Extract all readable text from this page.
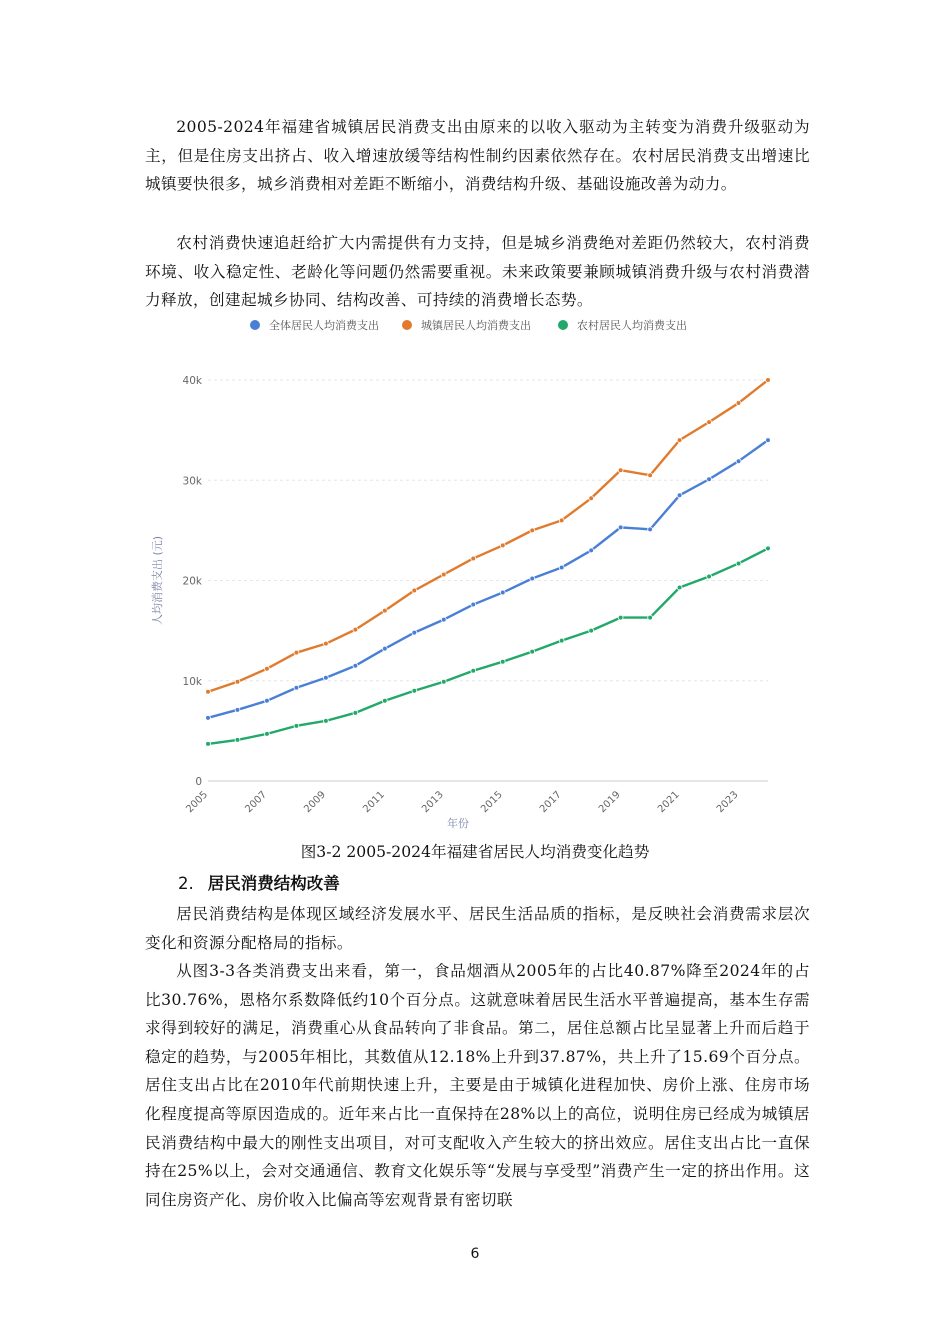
2005-2024年福建省城镇居民消费支出由原来的以收入驱动为主转变为消费升级驱动为主，但是住房支出挤占、收入增速放缓等结构性制约因素依然存在。农村居民消费支出增速比城镇要快很多，城乡消费相对差距不断缩小，消费结构升级、基础设施改善为动力。

农村消费快速追赶给扩大内需提供有力支持，但是城乡消费绝对差距仍然较大，农村消费环境、收入稳定性、老龄化等问题仍然需要重视。未来政策要兼顾城镇消费升级与农村消费潜力释放，创建起城乡协同、结构改善、可持续的消费增长态势。

0
10k
20k
30k
40k
2005	2007	2009	2011	2013	2015	2017	2019	2021	2023
年份
人均消费支出 (元)
全体居民人均消费支出	城镇居民人均消费支出	农村居民人均消费支出
图3-2 2005-2024年福建省居民人均消费变化趋势
2. 居民消费结构改善

居民消费结构是体现区域经济发展水平、居民生活品质的指标，是反映社会消费需求层次变化和资源分配格局的指标。

从图3-3各类消费支出来看，第一，食品烟酒从2005年的占比40.87%降至2024年的占比30.76%，恩格尔系数降低约10个百分点。这就意味着居民生活水平普遍提高，基本生存需求得到较好的满足，消费重心从食品转向了非食品。第二，居住总额占比呈显著上升而后趋于稳定的趋势，与2005年相比，其数值从12.18%上升到37.87%，共上升了15.69个百分点。居住支出占比在2010年代前期快速上升，主要是由于城镇化进程加快、房价上涨、住房市场化程度提高等原因造成的。近年来占比一直保持在28%以上的高位，说明住房已经成为城镇居民消费结构中最大的刚性支出项目，对可支配收入产生较大的挤出效应。居住支出占比一直保持在25%以上，会对交通通信、教育文化娱乐等“发展与享受型”消费产生一定的挤出作用。这同住房资产化、房价收入比偏高等宏观背景有密切联

6
